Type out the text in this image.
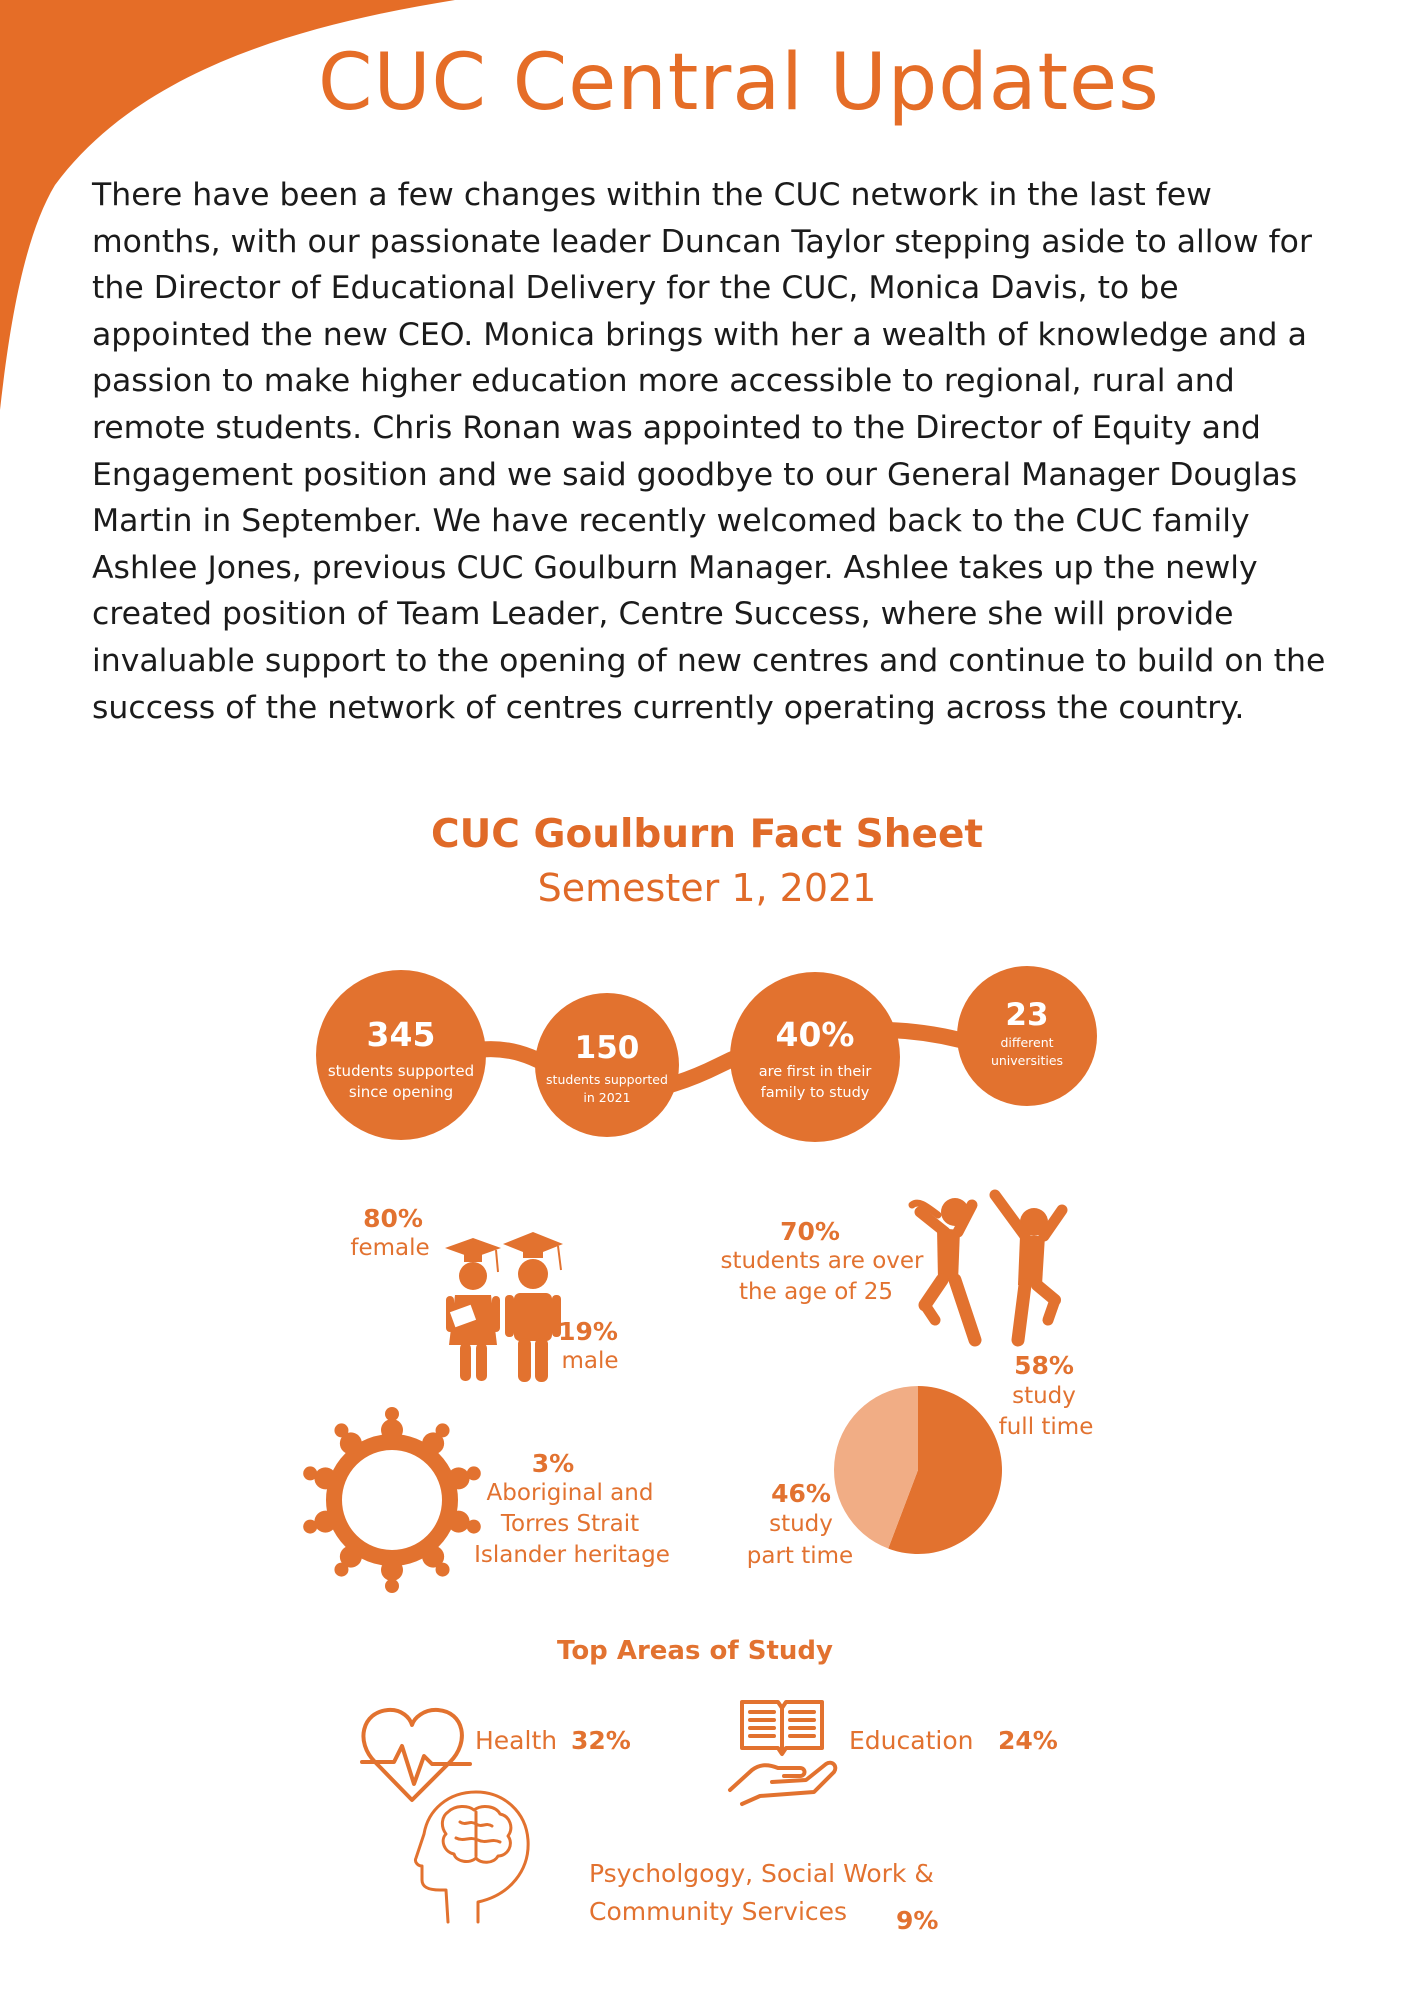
CUC Central Updates

There have been a few changes within the CUC network in the last few months, with our passionate leader Duncan Taylor stepping aside to allow for the Director of Educational Delivery for the CUC, Monica Davis, to be appointed the new CEO. Monica brings with her a wealth of knowledge and a passion to make higher education more accessible to regional, rural and remote students. Chris Ronan was appointed to the Director of Equity and Engagement position and we said goodbye to our General Manager Douglas Martin in September. We have recently welcomed back to the CUC family Ashlee Jones, previous CUC Goulburn Manager. Ashlee takes up the newly created position of Team Leader, Centre Success, where she will provide invaluable support to the opening of new centres and continue to build on the success of the network of centres currently operating across the country.

CUC Goulburn Fact Sheet
Semester 1, 2021
345
students supported
since opening
150
students supported
in 2021
40%
are first in their
family to study
23
different
universities
80%
female
19%
male
70%
students are over
the age of 25
3%
Aboriginal and
Torres Strait
Islander heritage
58%
study
full time
46%
study
part time
Top Areas of Study
Health 32%	Education 24%
Psycholgogy, Social Work &
Community Services 9%
